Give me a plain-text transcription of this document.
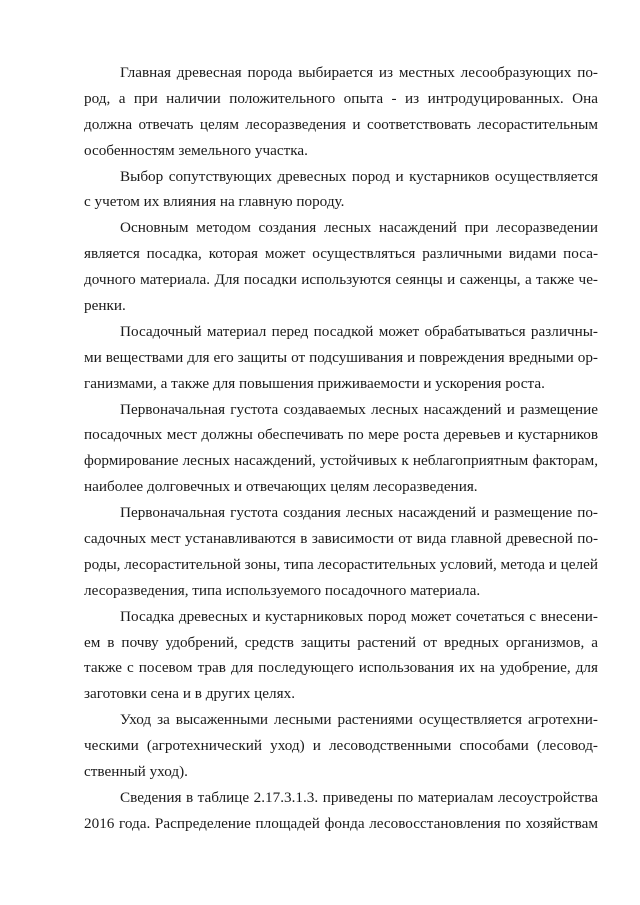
Главная древесная порода выбирается из местных лесообразующих по-
род, а при наличии положительного опыта - из интродуцированных. Она
должна отвечать целям лесоразведения и соответствовать лесорастительным
особенностям земельного участка.
Выбор сопутствующих древесных пород и кустарников осуществляется
с учетом их влияния на главную породу.
Основным методом создания лесных насаждений при лесоразведении
является посадка, которая может осуществляться различными видами поса-
дочного материала. Для посадки используются сеянцы и саженцы, а также че-
ренки.
Посадочный материал перед посадкой может обрабатываться различны-
ми веществами для его защиты от подсушивания и повреждения вредными ор-
ганизмами, а также для повышения приживаемости и ускорения роста.
Первоначальная густота создаваемых лесных насаждений и размещение
посадочных мест должны обеспечивать по мере роста деревьев и кустарников
формирование лесных насаждений, устойчивых к неблагоприятным факторам,
наиболее долговечных и отвечающих целям лесоразведения.
Первоначальная густота создания лесных насаждений и размещение по-
садочных мест устанавливаются в зависимости от вида главной древесной по-
роды, лесорастительной зоны, типа лесорастительных условий, метода и целей
лесоразведения, типа используемого посадочного материала.
Посадка древесных и кустарниковых пород может сочетаться с внесени-
ем в почву удобрений, средств защиты растений от вредных организмов, а
также с посевом трав для последующего использования их на удобрение, для
заготовки сена и в других целях.
Уход за высаженными лесными растениями осуществляется агротехни-
ческими (агротехнический уход) и лесоводственными способами (лесовод-
ственный уход).
Сведения в таблице 2.17.3.1.3. приведены по материалам лесоустройства
2016 года. Распределение площадей фонда лесовосстановления по хозяйствам
